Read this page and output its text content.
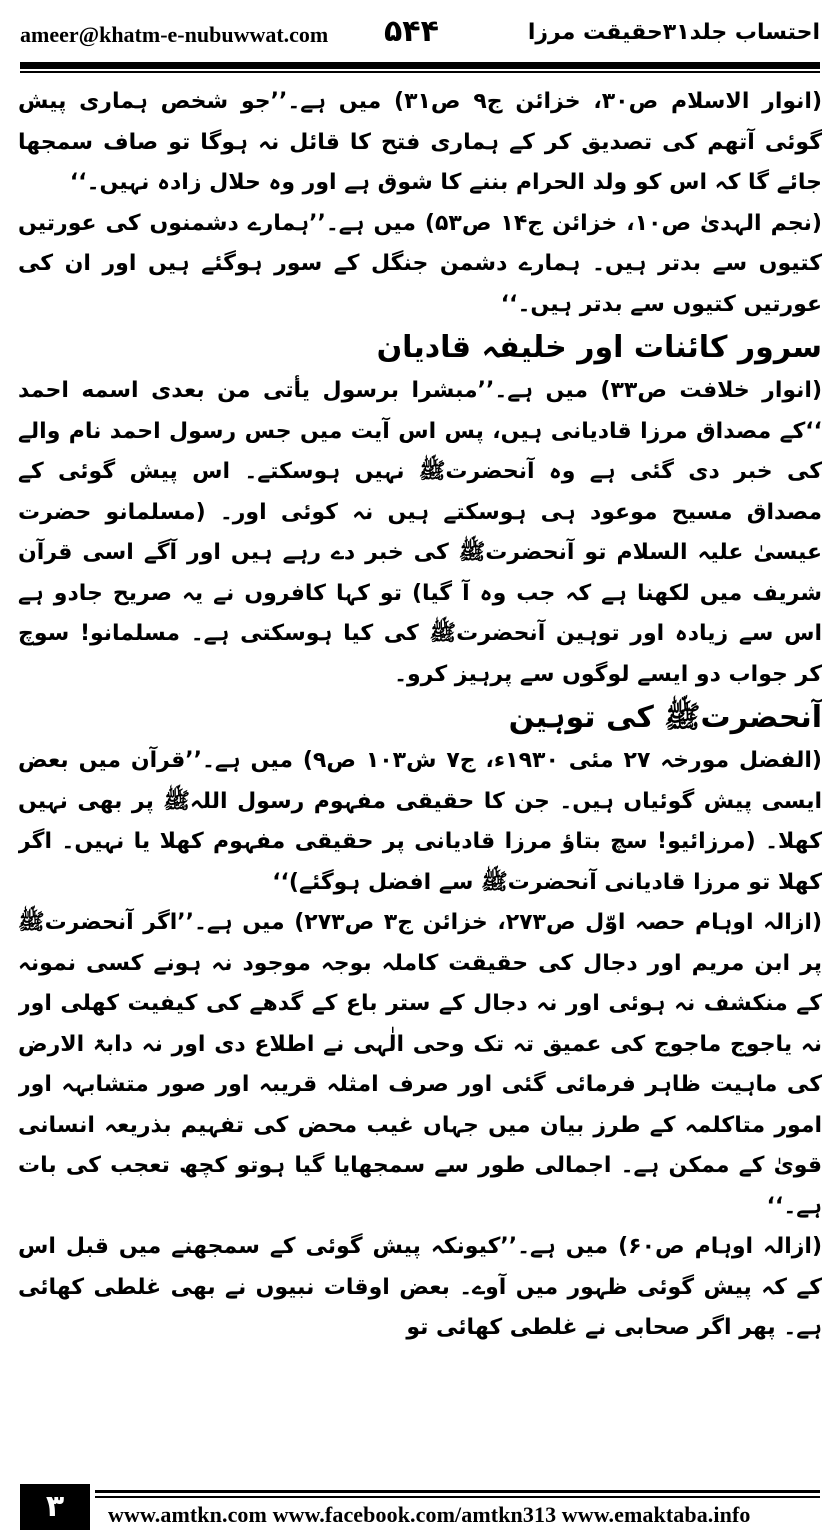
ameer@khatm-e-nubuwwat.com ۵۴۴	احتساب جلد۳۱حقیقت مرزا

(انوار الاسلام ص۳۰، خزائن ج۹ ص۳۱) میں ہے۔’’جو شخص ہماری پیش گوئی آتھم کی تصدیق کر کے ہماری فتح کا قائل نہ ہوگا تو صاف سمجھا جائے گا کہ اس کو ولد الحرام بننے کا شوق ہے اور وہ حلال زادہ نہیں۔‘‘

(نجم الہدیٰ ص۱۰، خزائن ج۱۴ ص۵۳) میں ہے۔’’ہمارے دشمنوں کی عورتیں کتیوں سے بدتر ہیں۔ ہمارے دشمن جنگل کے سور ہوگئے ہیں اور ان کی عورتیں کتیوں سے بدتر ہیں۔‘‘

سرور کائنات اور خلیفہ قادیان

(انوار خلافت ص۳۳) میں ہے۔’’مبشرا برسول یأتی من بعدی اسمه احمد ‘‘کے مصداق مرزا قادیانی ہیں، پس اس آیت میں جس رسول احمد نام والے کی خبر دی گئی ہے وہ آنحضرتﷺ نہیں ہوسکتے۔ اس پیش گوئی کے مصداق مسیح موعود ہی ہوسکتے ہیں نہ کوئی اور۔ (مسلمانو حضرت عیسیٰ علیہ السلام تو آنحضرتﷺ کی خبر دے رہے ہیں اور آگے اسی قرآن شریف میں لکھنا ہے کہ جب وہ آ گیا) تو کہا کافروں نے یہ صریح جادو ہے اس سے زیادہ اور توہین آنحضرتﷺ کی کیا ہوسکتی ہے۔ مسلمانو! سوچ کر جواب دو ایسے لوگوں سے پرہیز کرو۔

آنحضرتﷺ کی توہین

(الفضل مورخہ ۲۷ مئی ۱۹۳۰ء، ج۷ ش۱۰۳ ص۹) میں ہے۔’’قرآن میں بعض ایسی پیش گوئیاں ہیں۔ جن کا حقیقی مفہوم رسول اللہﷺ پر بھی نہیں کھلا۔ (مرزائیو! سچ بتاؤ مرزا قادیانی پر حقیقی مفہوم کھلا یا نہیں۔ اگر کھلا تو مرزا قادیانی آنحضرتﷺ سے افضل ہوگئے)‘‘

(ازالہ اوہام حصہ اوّل ص۲۷۳، خزائن ج۳ ص۲۷۳) میں ہے۔’’اگر آنحضرتﷺ پر ابن مریم اور دجال کی حقیقت کاملہ بوجہ موجود نہ ہونے کسی نمونہ کے منکشف نہ ہوئی اور نہ دجال کے ستر باع کے گدھے کی کیفیت کھلی اور نہ یاجوج ماجوج کی عمیق تہ تک وحی الٰہی نے اطلاع دی اور نہ دابۃ الارض کی ماہیت ظاہر فرمائی گئی اور صرف امثلہ قریبہ اور صور متشابہہ اور امور متاکلمہ کے طرز بیان میں جہاں غیب محض کی تفہیم بذریعہ انسانی قویٰ کے ممکن ہے۔ اجمالی طور سے سمجھایا گیا ہوتو کچھ تعجب کی بات ہے۔‘‘

(ازالہ اوہام ص۶۰) میں ہے۔’’کیونکہ پیش گوئی کے سمجھنے میں قبل اس کے کہ پیش گوئی ظہور میں آوے۔ بعض اوقات نبیوں نے بھی غلطی کھائی ہے۔ پھر اگر صحابی نے غلطی کھائی تو

۳	www.amtkn.com www.facebook.com/amtkn313 www.emaktaba.info
